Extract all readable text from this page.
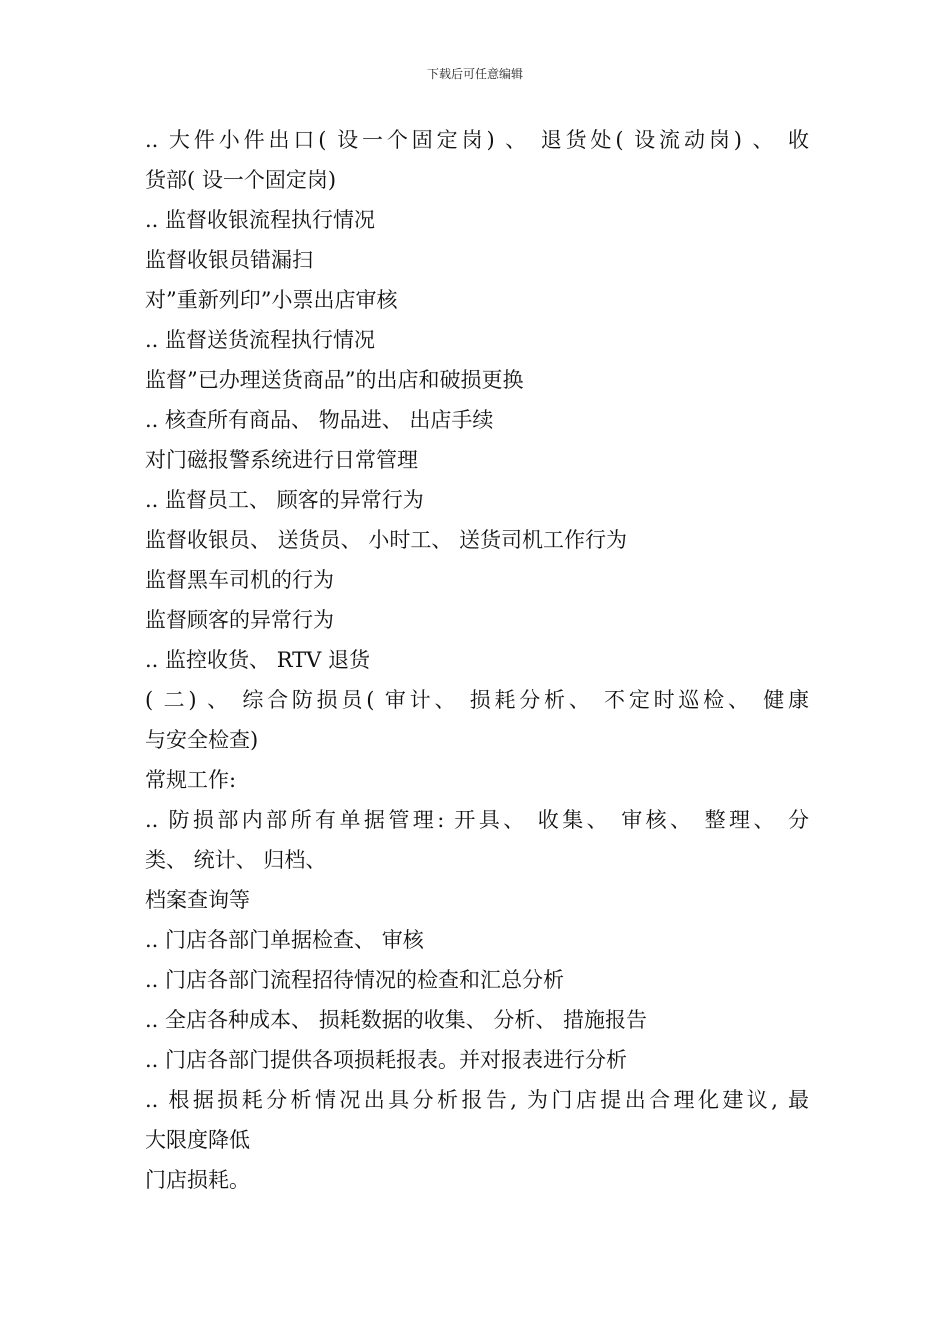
下载后可任意编辑
.. 大件小件出口( 设一个固定岗) 、 退货处( 设流动岗) 、 收
货部( 设一个固定岗)
.. 监督收银流程执行情况
监督收银员错漏扫
对”重新列印”小票出店审核
.. 监督送货流程执行情况
监督”已办理送货商品”的出店和破损更换
.. 核查所有商品、 物品进、 出店手续
对门磁报警系统进行日常管理
.. 监督员工、 顾客的异常行为
监督收银员、 送货员、 小时工、 送货司机工作行为
监督黑车司机的行为
监督顾客的异常行为
.. 监控收货、 RTV 退货
( 二) 、 综合防损员( 审计、 损耗分析、 不定时巡检、 健康
与安全检查)
常规工作:
.. 防损部内部所有单据管理: 开具、 收集、 审核、 整理、 分
类、 统计、 归档、
档案查询等
.. 门店各部门单据检查、 审核
.. 门店各部门流程招待情况的检查和汇总分析
.. 全店各种成本、 损耗数据的收集、 分析、 措施报告
.. 门店各部门提供各项损耗报表。并对报表进行分析
.. 根据损耗分析情况出具分析报告, 为门店提出合理化建议, 最
大限度降低
门店损耗。
